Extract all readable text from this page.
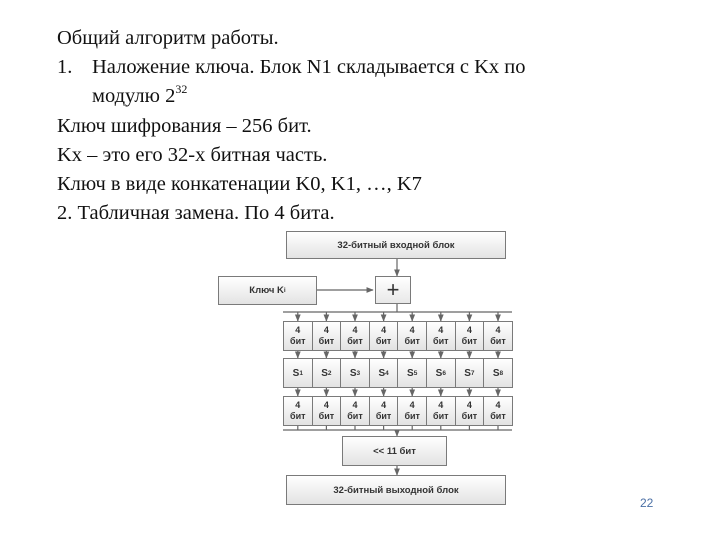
Общий алгоритм работы.
1. Наложение ключа. Блок N1 складывается с Kx по
модулю $2^{32}$
Ключ шифрования – 256 бит.
Kx – это его 32-х битная часть.
Ключ в виде конкатенации K0, K1, …, K7
2. Табличная замена. По 4 бита.
32-битный входной блок
Ключ K i	+
4
бит
4
бит
4
бит
4
бит
4
бит
4
бит
4
бит
4
бит
S 1 S 2 S 3 S 4 S 5 S 6 S 7 S 8
4
бит
4
бит
4
бит
4
бит
4
бит
4
бит
4
бит
4
бит
<< 11 бит
32-битный выходной блок
22
